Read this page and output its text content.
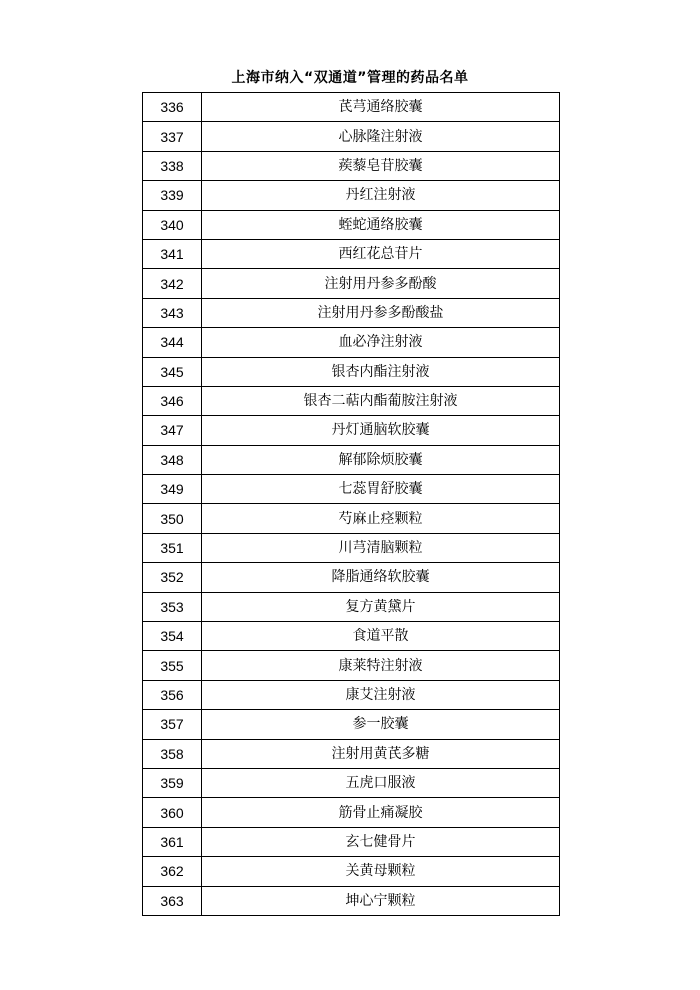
上海市纳入“双通道”管理的药品名单
336	芪芎通络胶囊
337	心脉隆注射液
338	蒺藜皂苷胶囊
339	丹红注射液
340	蛭蛇通络胶囊
341	西红花总苷片
342	注射用丹参多酚酸
343	注射用丹参多酚酸盐
344	血必净注射液
345	银杏内酯注射液
346	银杏二萜内酯葡胺注射液
347	丹灯通脑软胶囊
348	解郁除烦胶囊
349	七蕊胃舒胶囊
350	芍麻止痉颗粒
351	川芎清脑颗粒
352	降脂通络软胶囊
353	复方黄黛片
354	食道平散
355	康莱特注射液
356	康艾注射液
357	参一胶囊
358	注射用黄芪多糖
359	五虎口服液
360	筋骨止痛凝胶
361	玄七健骨片
362	关黄母颗粒
363	坤心宁颗粒
